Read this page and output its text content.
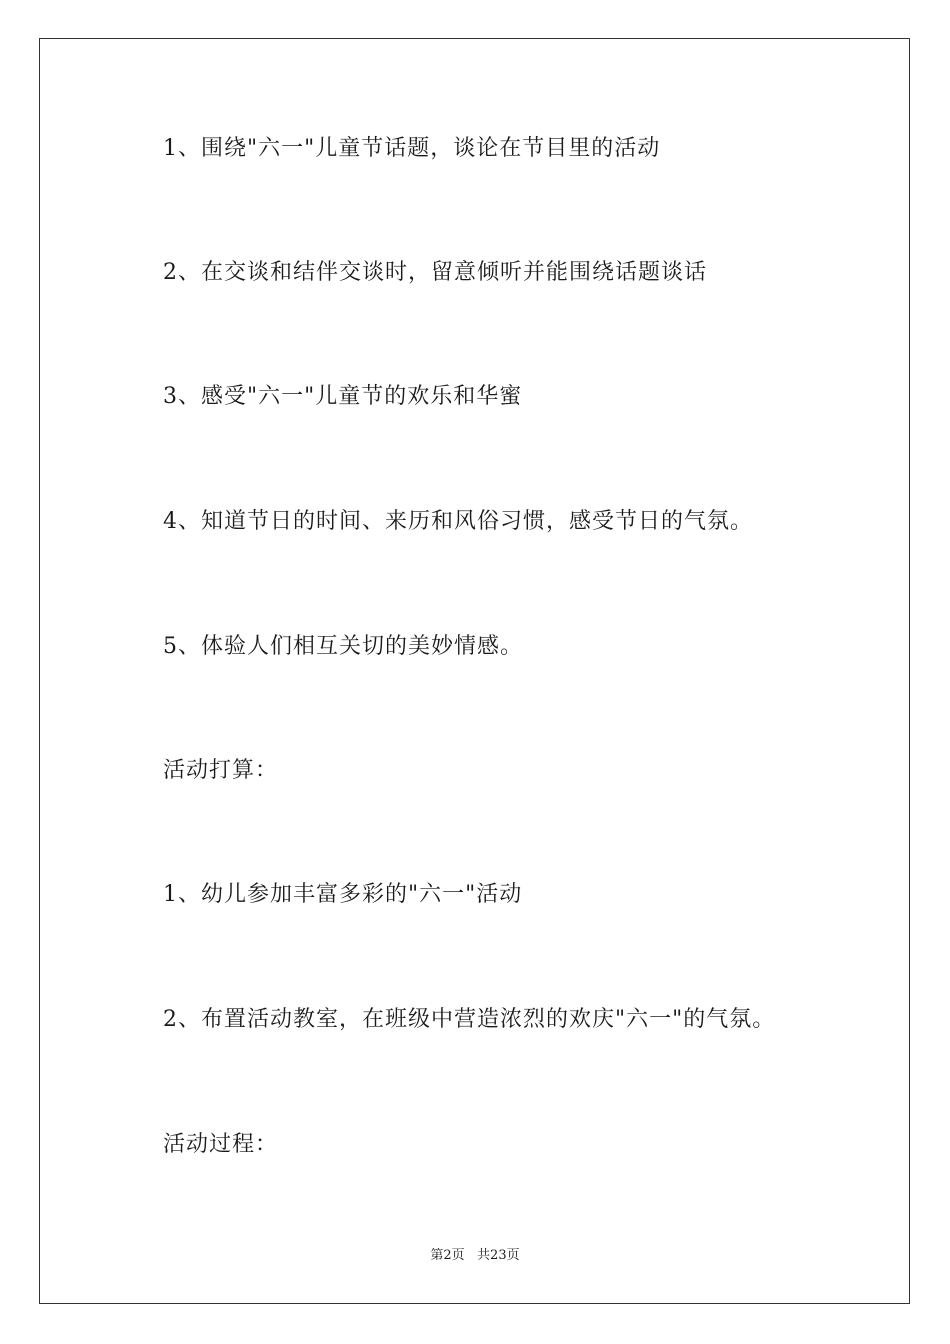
1、围绕"六一"儿童节话题，谈论在节目里的活动
2、在交谈和结伴交谈时，留意倾听并能围绕话题谈话
3、感受"六一"儿童节的欢乐和华蜜
4、知道节日的时间、来历和风俗习惯，感受节日的气氛。
5、体验人们相互关切的美妙情感。
活动打算：
1、幼儿参加丰富多彩的"六一"活动
2、布置活动教室，在班级中营造浓烈的欢庆"六一"的气氛。
活动过程：
第2页   共23页
